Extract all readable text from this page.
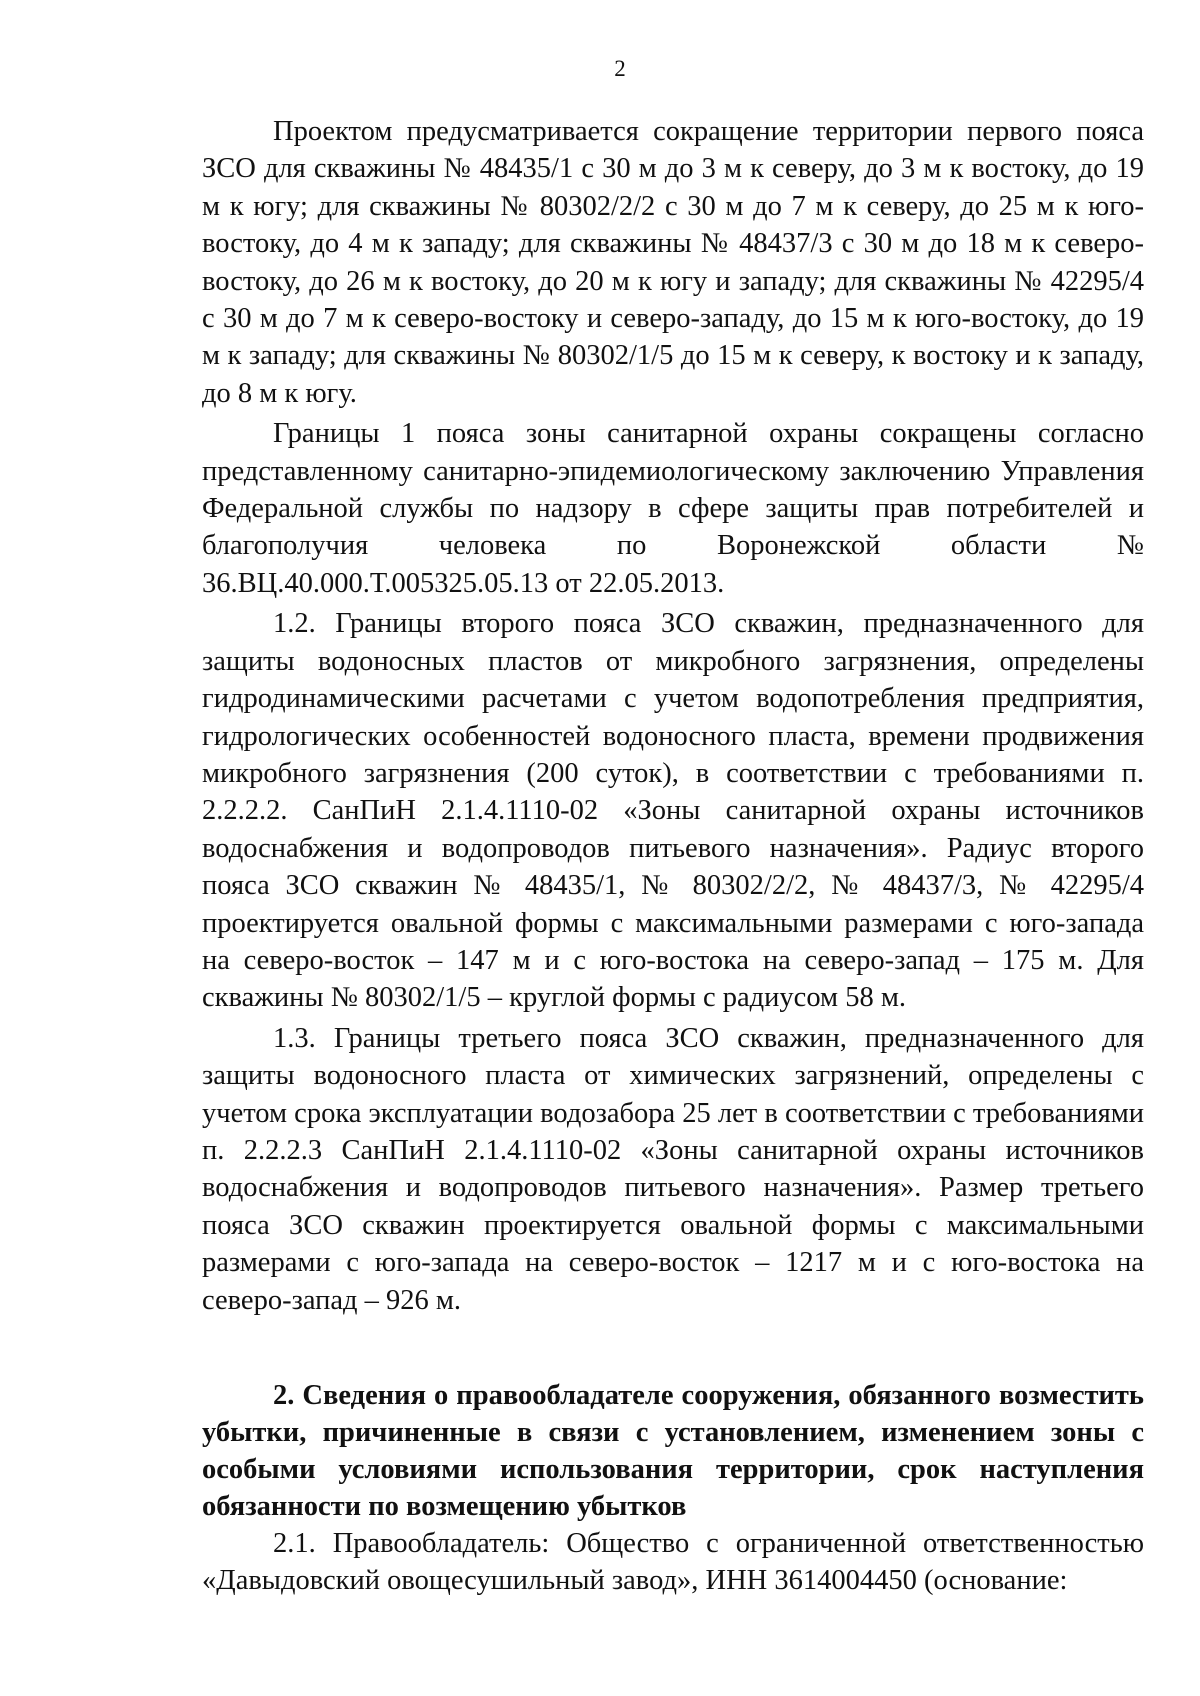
2

Проектом предусматривается сокращение территории первого пояса ЗСО для скважины № 48435/1 с 30 м до 3 м к северу, до 3 м к востоку, до 19 м к югу; для скважины № 80302/2/2 с 30 м до 7 м к северу, до 25 м к юго-востоку, до 4 м к западу; для скважины № 48437/3 с 30 м до 18 м к северо-востоку, до 26 м к востоку, до 20 м к югу и западу; для скважины № 42295/4 с 30 м до 7 м к северо-востоку и северо-западу, до 15 м к юго-востоку, до 19 м к западу; для скважины № 80302/1/5 до 15 м к северу, к востоку и к западу, до 8 м к югу.

Границы 1 пояса зоны санитарной охраны сокращены согласно представленному санитарно-эпидемиологическому заключению Управления Федеральной службы по надзору в сфере защиты прав потребителей и благополучия человека по Воронежской области № 36.ВЦ.40.000.Т.005325.05.13 от 22.05.2013.

1.2. Границы второго пояса ЗСО скважин, предназначенного для защиты водоносных пластов от микробного загрязнения, определены гидродинамическими расчетами с учетом водопотребления предприятия, гидрологических особенностей водоносного пласта, времени продвижения микробного загрязнения (200 суток), в соответствии с требованиями п. 2.2.2.2. СанПиН 2.1.4.1110-02 «Зоны санитарной охраны источников водоснабжения и водопроводов питьевого назначения». Радиус второго пояса ЗСО скважин № 48435/1, № 80302/2/2, № 48437/3, № 42295/4 проектируется овальной формы с максимальными размерами с юго-запада на северо-восток – 147 м и с юго-востока на северо-запад – 175 м. Для скважины № 80302/1/5 – круглой формы с радиусом 58 м.

1.3. Границы третьего пояса ЗСО скважин, предназначенного для защиты водоносного пласта от химических загрязнений, определены с учетом срока эксплуатации водозабора 25 лет в соответствии с требованиями п. 2.2.2.3 СанПиН 2.1.4.1110-02 «Зоны санитарной охраны источников водоснабжения и водопроводов питьевого назначения». Размер третьего пояса ЗСО скважин проектируется овальной формы с максимальными размерами с юго-запада на северо-восток – 1217 м и с юго-востока на северо-запад – 926 м.

2. Сведения о правообладателе сооружения, обязанного возместить убытки, причиненные в связи с установлением, изменением зоны с особыми условиями использования территории, срок наступления обязанности по возмещению убытков

2.1. Правообладатель: Общество с ограниченной ответственностью «Давыдовский овощесушильный завод», ИНН 3614004450 (основание:
